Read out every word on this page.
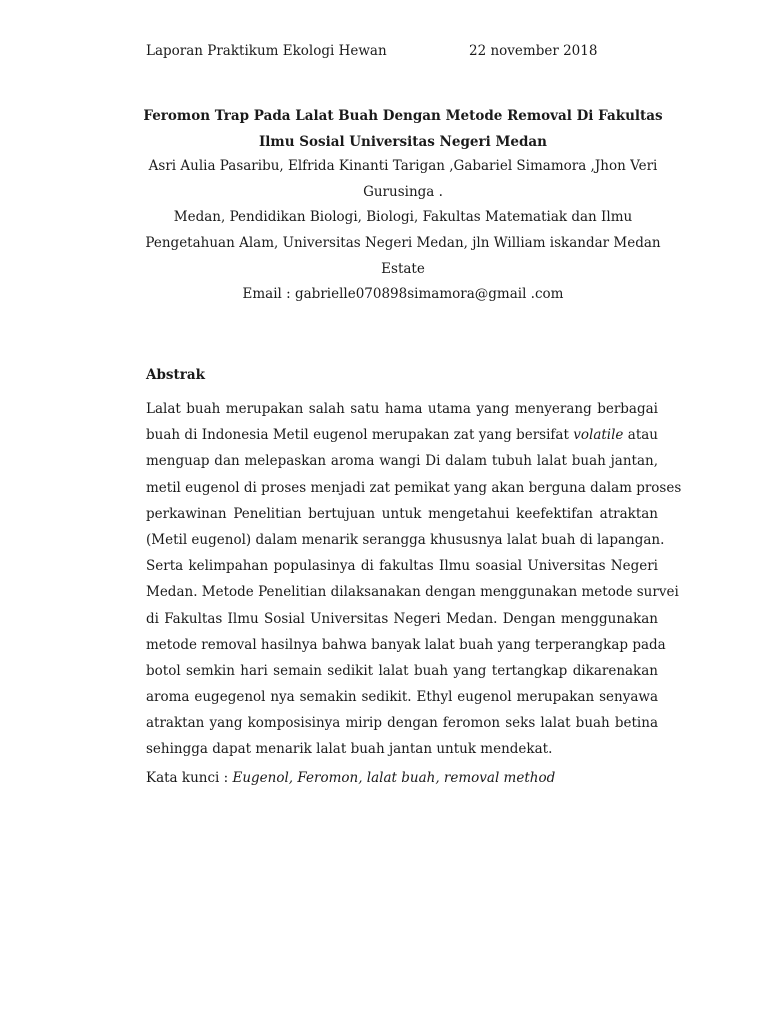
Laporan Praktikum Ekologi Hewan	22 november 2018
Feromon Trap Pada Lalat Buah Dengan Metode Removal Di Fakultas
Ilmu Sosial Universitas Negeri Medan
Asri Aulia Pasaribu, Elfrida Kinanti Tarigan ,Gabariel Simamora ,Jhon Veri
Gurusinga .
Medan, Pendidikan Biologi, Biologi, Fakultas Matematiak dan Ilmu
Pengetahuan Alam, Universitas Negeri Medan, jln William iskandar Medan
Estate
Email : gabrielle070898simamora@gmail .com
Abstrak
Lalat buah merupakan salah satu hama utama yang menyerang berbagai
buah di Indonesia Metil eugenol merupakan zat yang bersifat volatile atau
menguap dan melepaskan aroma wangi Di dalam tubuh lalat buah jantan,
metil eugenol di proses menjadi zat pemikat yang akan berguna dalam proses
perkawinan Penelitian bertujuan untuk mengetahui keefektifan atraktan
(Metil eugenol) dalam menarik serangga khususnya lalat buah di lapangan.
Serta kelimpahan populasinya di fakultas Ilmu soasial Universitas Negeri
Medan. Metode Penelitian dilaksanakan dengan menggunakan metode survei
di Fakultas Ilmu Sosial Universitas Negeri Medan. Dengan menggunakan
metode removal hasilnya bahwa banyak lalat buah yang terperangkap pada
botol semkin hari semain sedikit lalat buah yang tertangkap dikarenakan
aroma eugegenol nya semakin sedikit. Ethyl eugenol merupakan senyawa
atraktan yang komposisinya mirip dengan feromon seks lalat buah betina
sehingga dapat menarik lalat buah jantan untuk mendekat.
Kata kunci : Eugenol, Feromon, lalat buah, removal method
